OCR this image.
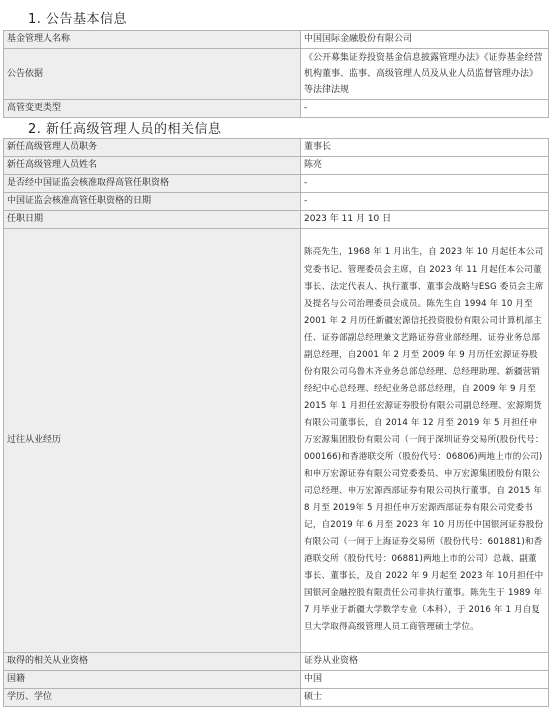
1. 公告基本信息
基金管理人名称	中国国际金融股份有限公司
公告依据	《公开募集证券投资基金信息披露管理办法》《证券基金经营机构董事、监事、高级管理人员及从业人员监督管理办法》等法律法规
高管变更类型	-
2. 新任高级管理人员的相关信息
新任高级管理人员职务	董事长
新任高级管理人员姓名	陈亮
是否经中国证监会核准取得高管任职资格	-
中国证监会核准高管任职资格的日期	-
任职日期	2023 年 11 月 10 日
过往从业经历	陈亮先生，1968 年 1 月出生，自 2023 年 10 月起任本公司党委书记、管理委员会主席，自 2023 年 11 月起任本公司董事长、法定代表人、执行董事、董事会战略与ESG 委员会主席及提名与公司治理委员会成员。陈先生自 1994 年 10 月至 2001 年 2 月历任新疆宏源信托投资股份有限公司计算机部主任、证券部副总经理兼文艺路证券营业部经理、证券业务总部副总经理，自2001 年 2 月至 2009 年 9 月历任宏源证券股份有限公司乌鲁木齐业务总部总经理、总经理助理、新疆营销经纪中心总经理、经纪业务总部总经理，自 2009 年 9 月至 2015 年 1 月担任宏源证券股份有限公司副总经理、宏源期货有限公司董事长，自 2014 年 12 月至 2019 年 5 月担任申万宏源集团股份有限公司（一间于深圳证券交易所(股份代号：000166)和香港联交所（股份代号：06806)两地上市的公司)和申万宏源证券有限公司党委委员、申万宏源集团股份有限公司总经理、申万宏源西部证券有限公司执行董事，自 2015 年 8 月至 2019年 5 月担任申万宏源西部证券有限公司党委书记，自2019 年 6 月至 2023 年 10 月历任中国银河证券股份有限公司（一间于上海证券交易所（股份代号：601881)和香港联交所（股份代号：06881)两地上市的公司）总裁、副董事长、董事长，及自 2022 年 9 月起至 2023 年 10月担任中国银河金融控股有限责任公司非执行董事。陈先生于 1989 年 7 月毕业于新疆大学数学专业（本科），于 2016 年 1 月自复旦大学取得高级管理人员工商管理硕士学位。
取得的相关从业资格	证券从业资格
国籍	中国
学历、学位	硕士
